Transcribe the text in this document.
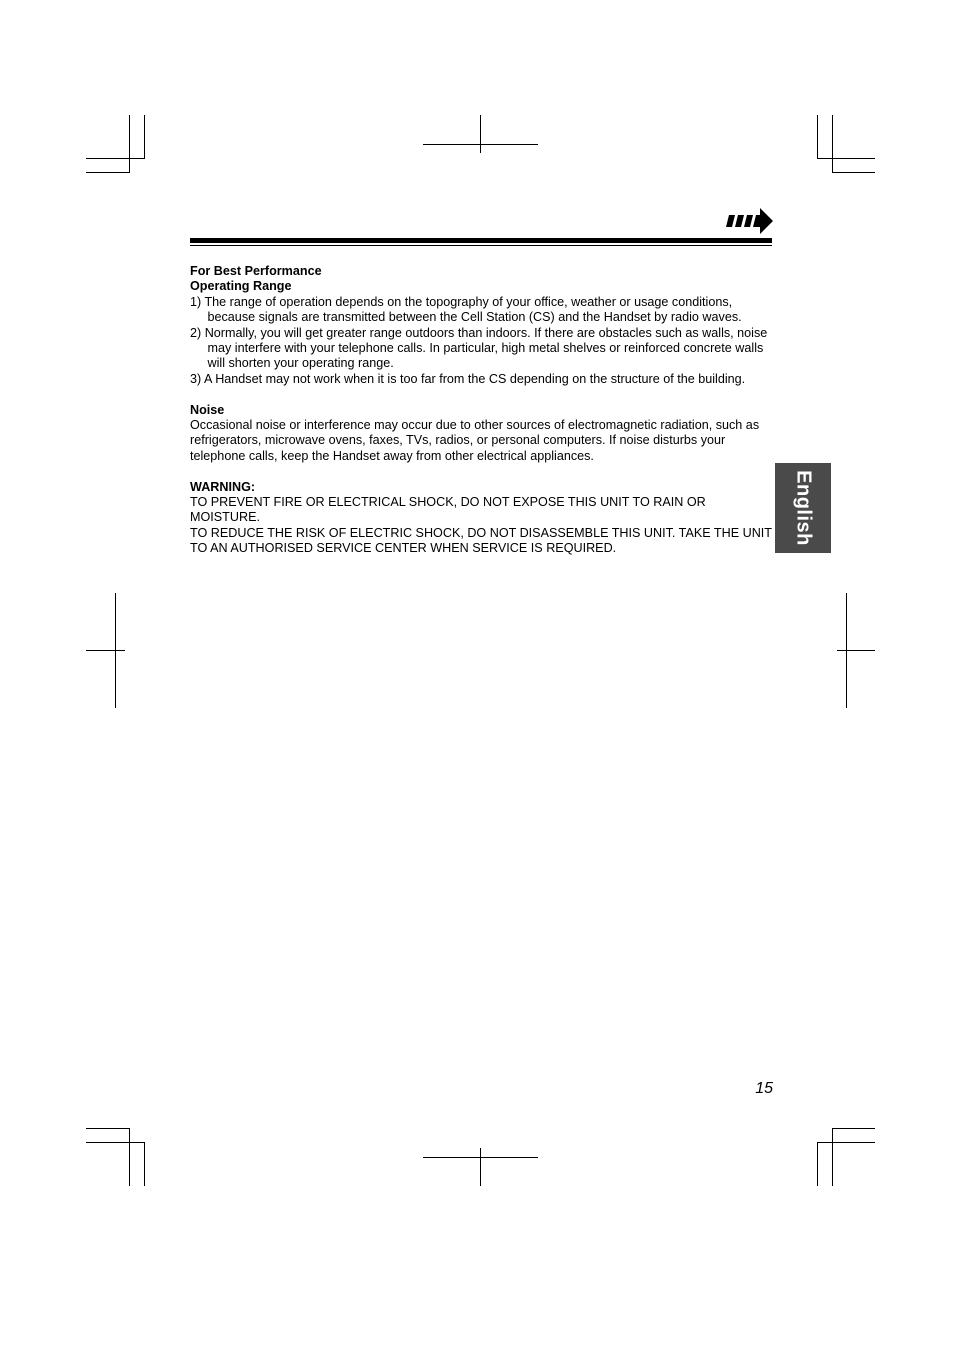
For Best Performance

Operating Range

1) The range of operation depends on the topography of your office, weather or usage conditions, because signals are transmitted between the Cell Station (CS) and the Handset by radio waves.

2) Normally, you will get greater range outdoors than indoors. If there are obstacles such as walls, noise may interfere with your telephone calls. In particular, high metal shelves or reinforced concrete walls will shorten your operating range.

3) A Handset may not work when it is too far from the CS depending on the structure of the building.

Noise

Occasional noise or interference may occur due to other sources of electromagnetic radiation, such as refrigerators, microwave ovens, faxes, TVs, radios, or personal computers. If noise disturbs your telephone calls, keep the Handset away from other electrical appliances.

WARNING:

TO PREVENT FIRE OR ELECTRICAL SHOCK, DO NOT EXPOSE THIS UNIT TO RAIN OR MOISTURE.

TO REDUCE THE RISK OF ELECTRIC SHOCK, DO NOT DISASSEMBLE THIS UNIT. TAKE THE UNIT TO AN AUTHORISED SERVICE CENTER WHEN SERVICE IS REQUIRED.

English
15
